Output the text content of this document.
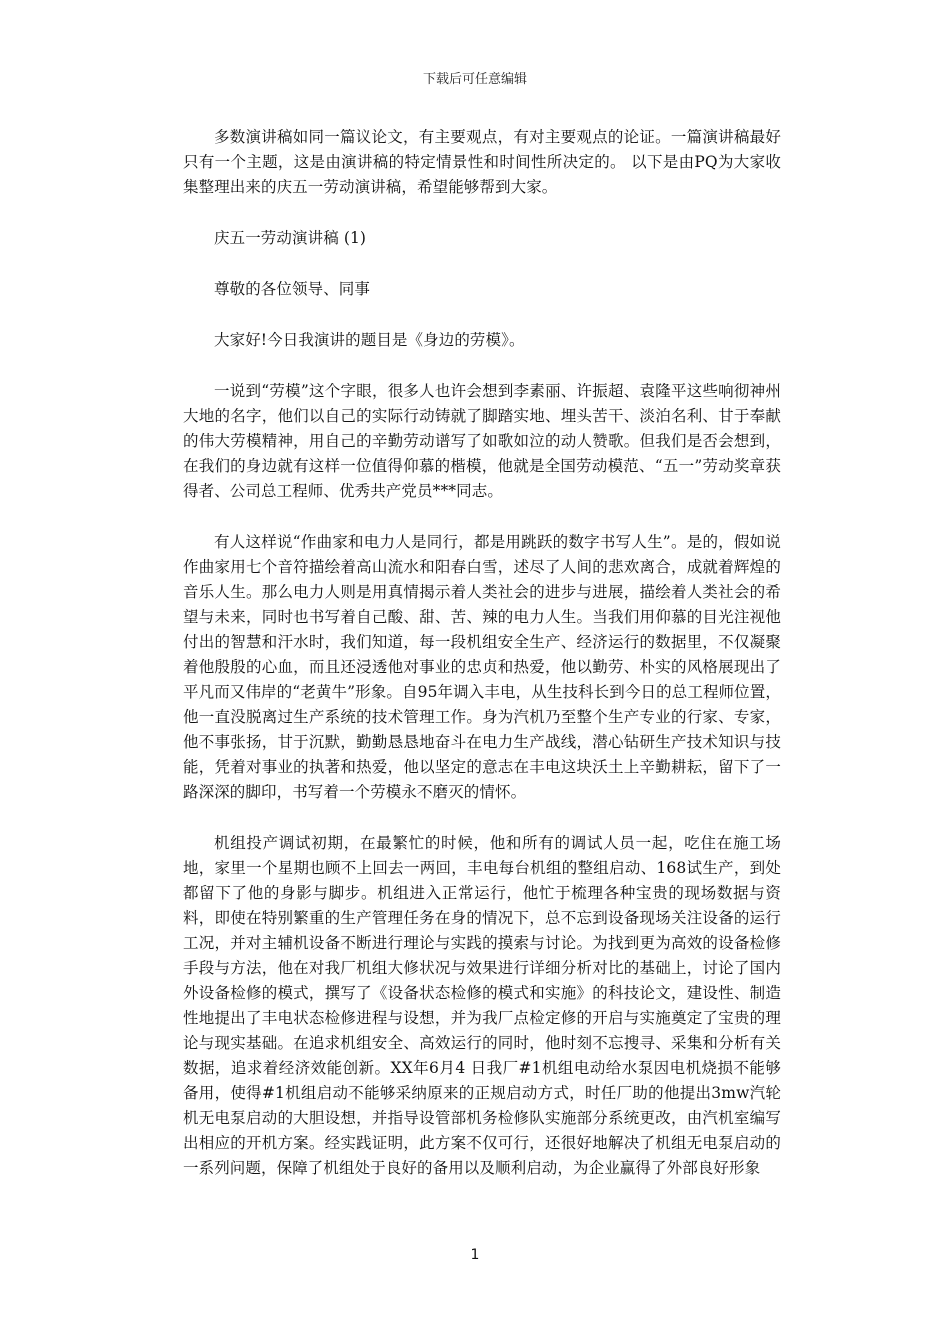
下载后可任意编辑

多数演讲稿如同一篇议论文，有主要观点，有对主要观点的论证。一篇演讲稿最好只有一个主题，这是由演讲稿的特定情景性和时间性所决定的。 以下是由PQ为大家收集整理出来的庆五一劳动演讲稿，希望能够帮到大家。

庆五一劳动演讲稿 (1)

尊敬的各位领导、同事

大家好!今日我演讲的题目是《身边的劳模》。

一说到“劳模”这个字眼，很多人也许会想到李素丽、许振超、袁隆平这些响彻神州大地的名字，他们以自己的实际行动铸就了脚踏实地、埋头苦干、淡泊名利、甘于奉献的伟大劳模精神，用自己的辛勤劳动谱写了如歌如泣的动人赞歌。但我们是否会想到，在我们的身边就有这样一位值得仰慕的楷模，他就是全国劳动模范、“五一”劳动奖章获得者、公司总工程师、优秀共产党员***同志。

有人这样说“作曲家和电力人是同行，都是用跳跃的数字书写人生”。是的，假如说作曲家用七个音符描绘着高山流水和阳春白雪，述尽了人间的悲欢离合，成就着辉煌的音乐人生。那么电力人则是用真情揭示着人类社会的进步与进展，描绘着人类社会的希望与未来，同时也书写着自己酸、甜、苦、辣的电力人生。当我们用仰慕的目光注视他付出的智慧和汗水时，我们知道，每一段机组安全生产、经济运行的数据里，不仅凝聚着他殷殷的心血，而且还浸透他对事业的忠贞和热爱，他以勤劳、朴实的风格展现出了平凡而又伟岸的“老黄牛”形象。自95年调入丰电，从生技科长到今日的总工程师位置，他一直没脱离过生产系统的技术管理工作。身为汽机乃至整个生产专业的行家、专家，他不事张扬，甘于沉默，勤勤恳恳地奋斗在电力生产战线，潜心钻研生产技术知识与技能，凭着对事业的执著和热爱，他以坚定的意志在丰电这块沃土上辛勤耕耘，留下了一路深深的脚印，书写着一个劳模永不磨灭的情怀。

机组投产调试初期，在最繁忙的时候，他和所有的调试人员一起，吃住在施工场地，家里一个星期也顾不上回去一两回，丰电每台机组的整组启动、168试生产，到处都留下了他的身影与脚步。机组进入正常运行，他忙于梳理各种宝贵的现场数据与资料，即使在特别繁重的生产管理任务在身的情况下，总不忘到设备现场关注设备的运行工况，并对主辅机设备不断进行理论与实践的摸索与讨论。为找到更为高效的设备检修手段与方法，他在对我厂机组大修状况与效果进行详细分析对比的基础上，讨论了国内外设备检修的模式，撰写了《设备状态检修的模式和实施》的科技论文，建设性、制造性地提出了丰电状态检修进程与设想，并为我厂点检定修的开启与实施奠定了宝贵的理论与现实基础。在追求机组安全、高效运行的同时，他时刻不忘搜寻、采集和分析有关数据，追求着经济效能创新。XX年6月4 日我厂#1机组电动给水泵因电机烧损不能够备用，使得#1机组启动不能够采纳原来的正规启动方式，时任厂助的他提出3mw汽轮机无电泵启动的大胆设想，并指导设管部机务检修队实施部分系统更改，由汽机室编写出相应的开机方案。经实践证明，此方案不仅可行，还很好地解决了机组无电泵启动的一系列问题，保障了机组处于良好的备用以及顺利启动，为企业赢得了外部良好形象

1
